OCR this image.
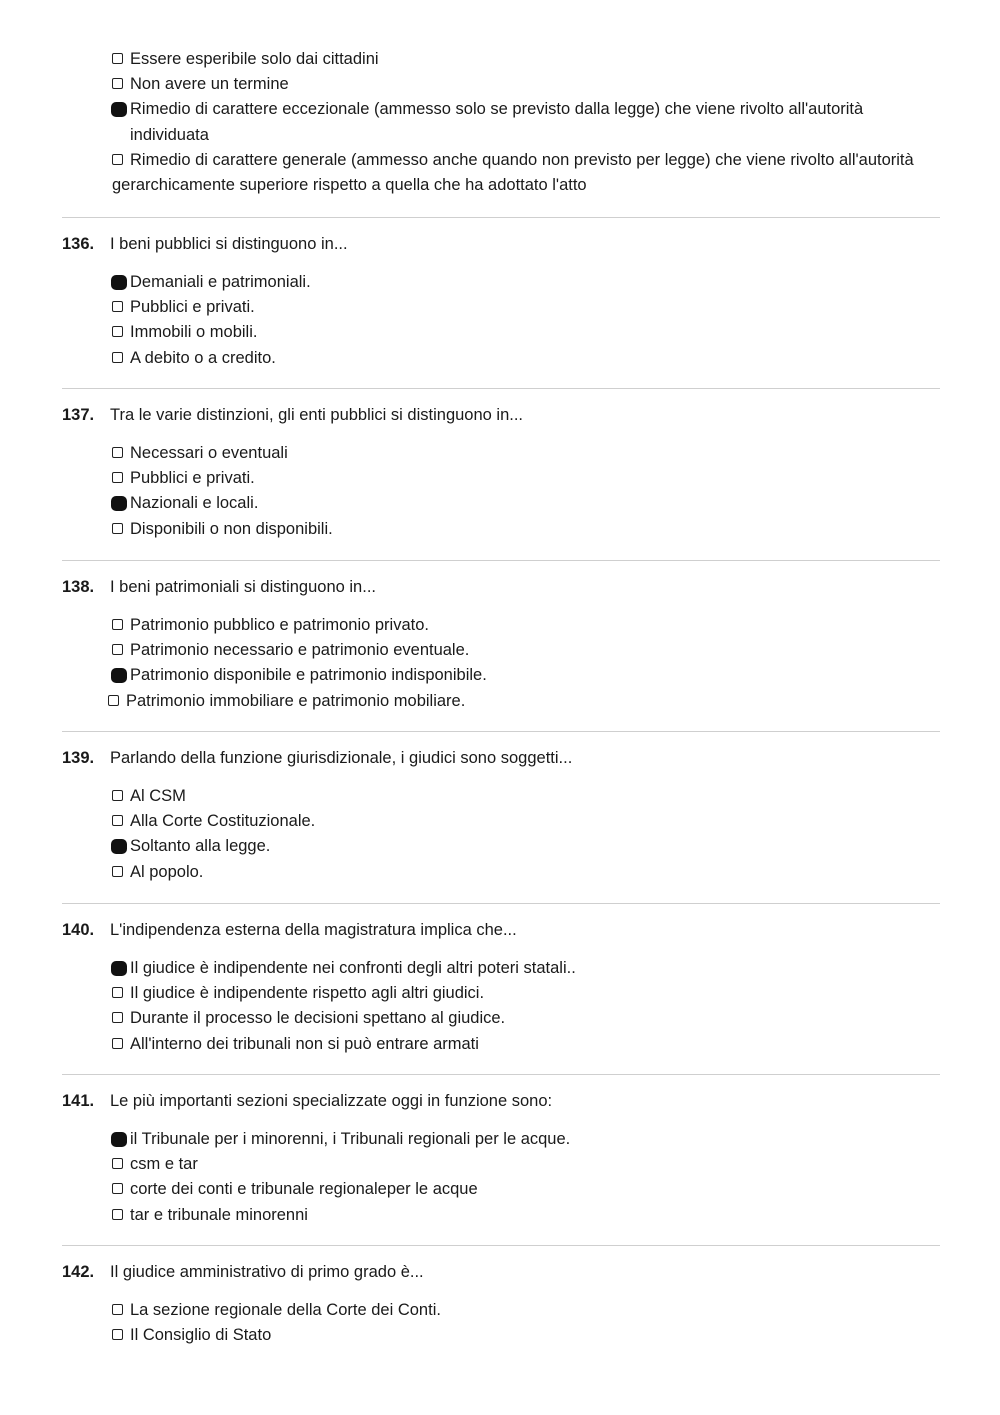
Essere esperibile solo dai cittadini
Non avere un termine
Rimedio di carattere eccezionale (ammesso solo se previsto dalla legge) che viene rivolto all'autorità individuata
Rimedio di carattere generale (ammesso anche quando non previsto per legge) che viene rivolto all'autorità gerarchicamente superiore rispetto a quella che ha adottato l'atto
136. I beni pubblici si distinguono in...
Demaniali e patrimoniali.
Pubblici e privati.
Immobili o mobili.
A debito o a credito.
137. Tra le varie distinzioni, gli enti pubblici si distinguono in...
Necessari o eventuali
Pubblici e privati.
Nazionali e locali.
Disponibili o non disponibili.
138. I beni patrimoniali si distinguono in...
Patrimonio pubblico e patrimonio privato.
Patrimonio necessario e patrimonio eventuale.
Patrimonio disponibile e patrimonio indisponibile.
Patrimonio immobiliare e patrimonio mobiliare.
139. Parlando della funzione giurisdizionale, i giudici sono soggetti...
Al CSM
Alla Corte Costituzionale.
Soltanto alla legge.
Al popolo.
140. L'indipendenza esterna della magistratura implica che...
Il giudice è indipendente nei confronti degli altri poteri statali..
Il giudice è indipendente rispetto agli altri giudici.
Durante il processo le decisioni spettano al giudice.
All'interno dei tribunali non si può entrare armati
141. Le più importanti sezioni specializzate oggi in funzione sono:
il Tribunale per i minorenni, i Tribunali regionali per le acque.
csm e tar
corte dei conti e tribunale regionaleper le acque
tar e tribunale minorenni
142. Il giudice amministrativo di primo grado è...
La sezione regionale della Corte dei Conti.
Il Consiglio di Stato
